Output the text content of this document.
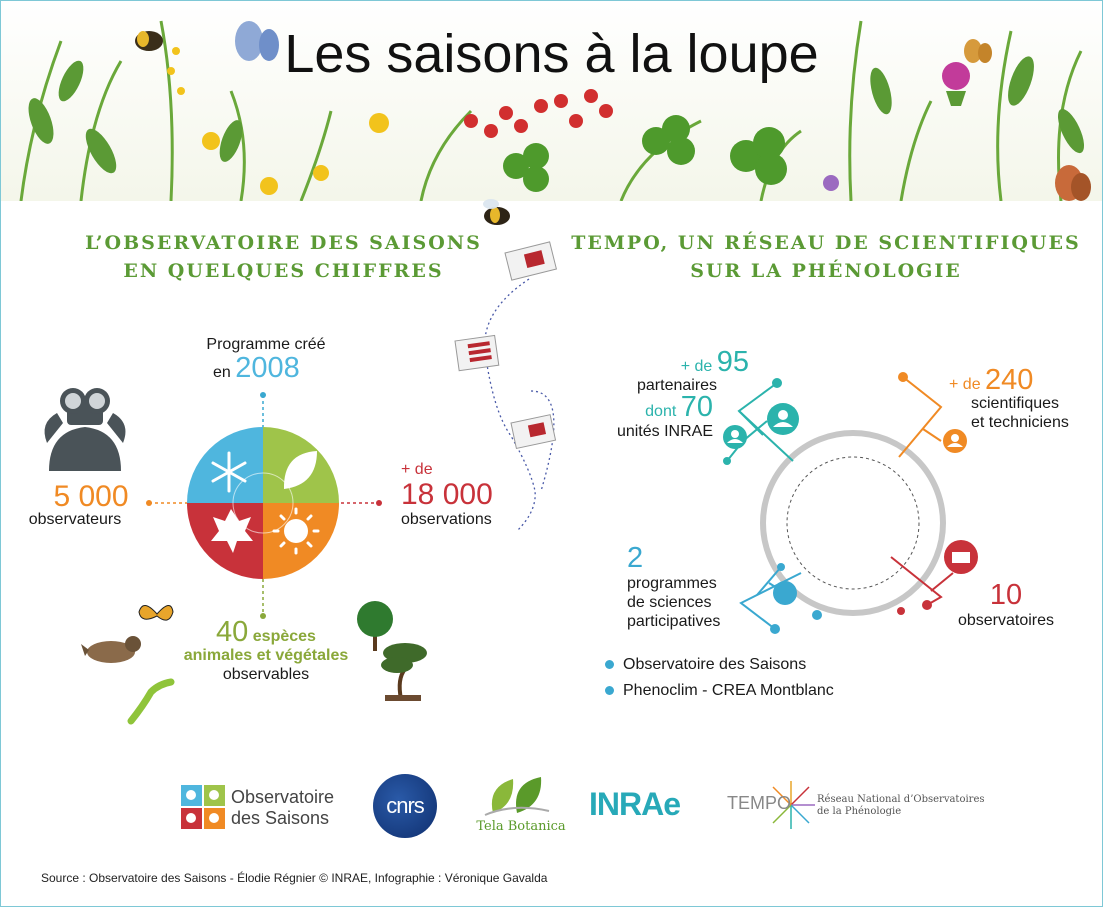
Les saisons à la loupe
L’OBSERVATOIRE DES SAISONS
EN QUELQUES CHIFFRES
TEMPO, UN RÉSEAU DE SCIENTIFIQUES
SUR LA PHÉNOLOGIE
Programme créé
en 2008
5 000
observateurs
+ de
18 000
observations
40 espèces
animales et végétales
observables
+ de 95
partenaires
dont 70
unités INRAE
+ de 240
scientifiques
et techniciens
2
programmes
de sciences
participatives
10
observatoires
Observatoire des Saisons
Phenoclim - CREA Montblanc
Observatoire
des Saisons	cnrs
Tela Botanica
INRAe	TEMPO	Réseau National d’Observatoires
de la Phénologie
Source : Observatoire des Saisons - Élodie Régnier © INRAE, Infographie : Véronique Gavalda
